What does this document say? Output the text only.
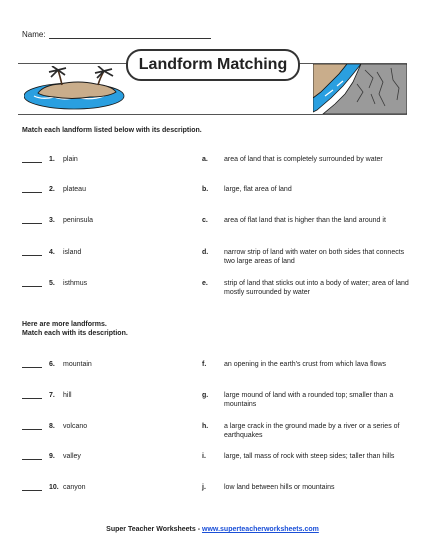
Name:
Landform Matching
Match each landform listed below with its description.
1. plain	a. area of land that is completely surrounded by water
2. plateau	b. large, flat area of land
3. peninsula	c. area of flat land that is higher than the land around it
4. island	d. narrow strip of land with water on both sides that connects two large areas of land
5. isthmus	e. strip of land that sticks out into a body of water; area of land mostly surrounded by water
Here are more landforms.
Match each with its description.
6. mountain	f.	an opening in the earth's crust from which lava flows
7. hill	g. large mound of land with a rounded top; smaller than a mountains
8. volcano	h. a large crack in the ground made by a river or a series of earthquakes
9. valley	i.	large, tall mass of rock with steep sides; taller than hills
10. canyon	j.	low land between hills or mountains
Super Teacher Worksheets - www.superteacherworksheets.com
